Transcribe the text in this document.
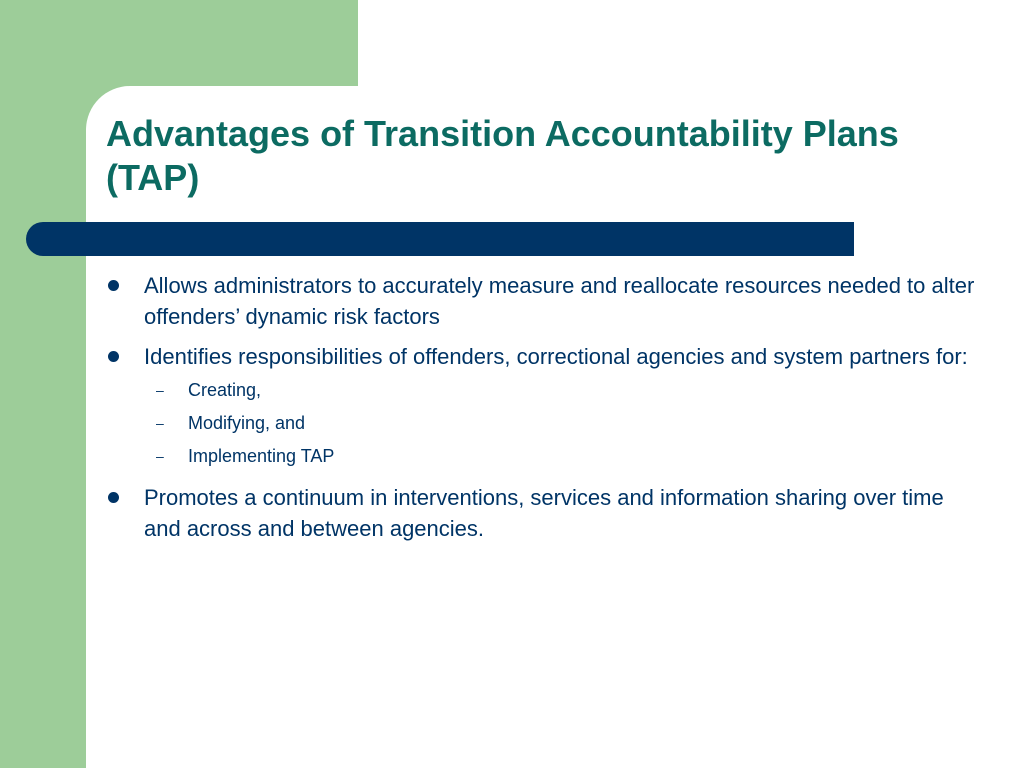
Advantages of Transition Accountability Plans (TAP)
Allows administrators to accurately measure and reallocate resources needed to alter offenders’ dynamic risk factors
Identifies responsibilities of offenders, correctional agencies and system partners for:
– Creating,
– Modifying, and
– Implementing TAP
Promotes a continuum in interventions, services and information sharing over time and across and between agencies.
